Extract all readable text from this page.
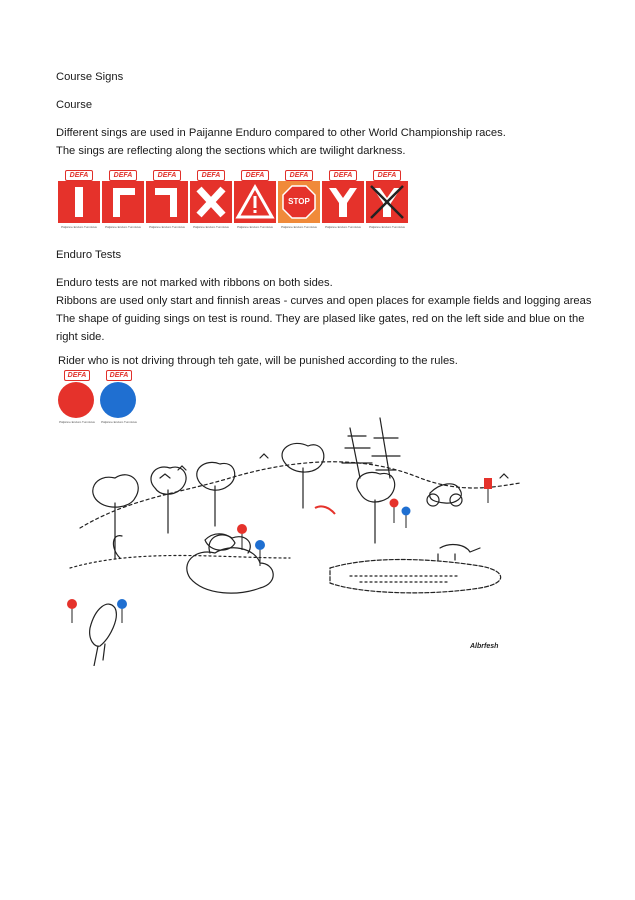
Course Signs
Course
Different sings are used in Paijanne Enduro compared to other World Championship races.
The sings are reflecting along the sections which are twilight darkness.
DEFA
Päijänne Enduro Tunnistus
DEFA
Päijänne Enduro Tunnistus
DEFA
Päijänne Enduro Tunnistus
DEFA
Päijänne Enduro Tunnistus
DEFA
Päijänne Enduro Tunnistus
DEFA
STOP
Päijänne Enduro Tunnistus
DEFA
Päijänne Enduro Tunnistus
DEFA
Päijänne Enduro Tunnistus
Enduro Tests
Enduro tests are not marked with ribbons on both sides.
Ribbons are used only start and finnish areas - curves and open places for example fields and logging areas
The shape of guiding sings on test is round. They are plased like gates, red on the left side and blue on the
right side.
Rider who is not driving through teh gate, will be punished according to the rules.
DEFA
Päijänne Enduro Tunnistus
DEFA
Päijänne Enduro Tunnistus
Albrfesh
